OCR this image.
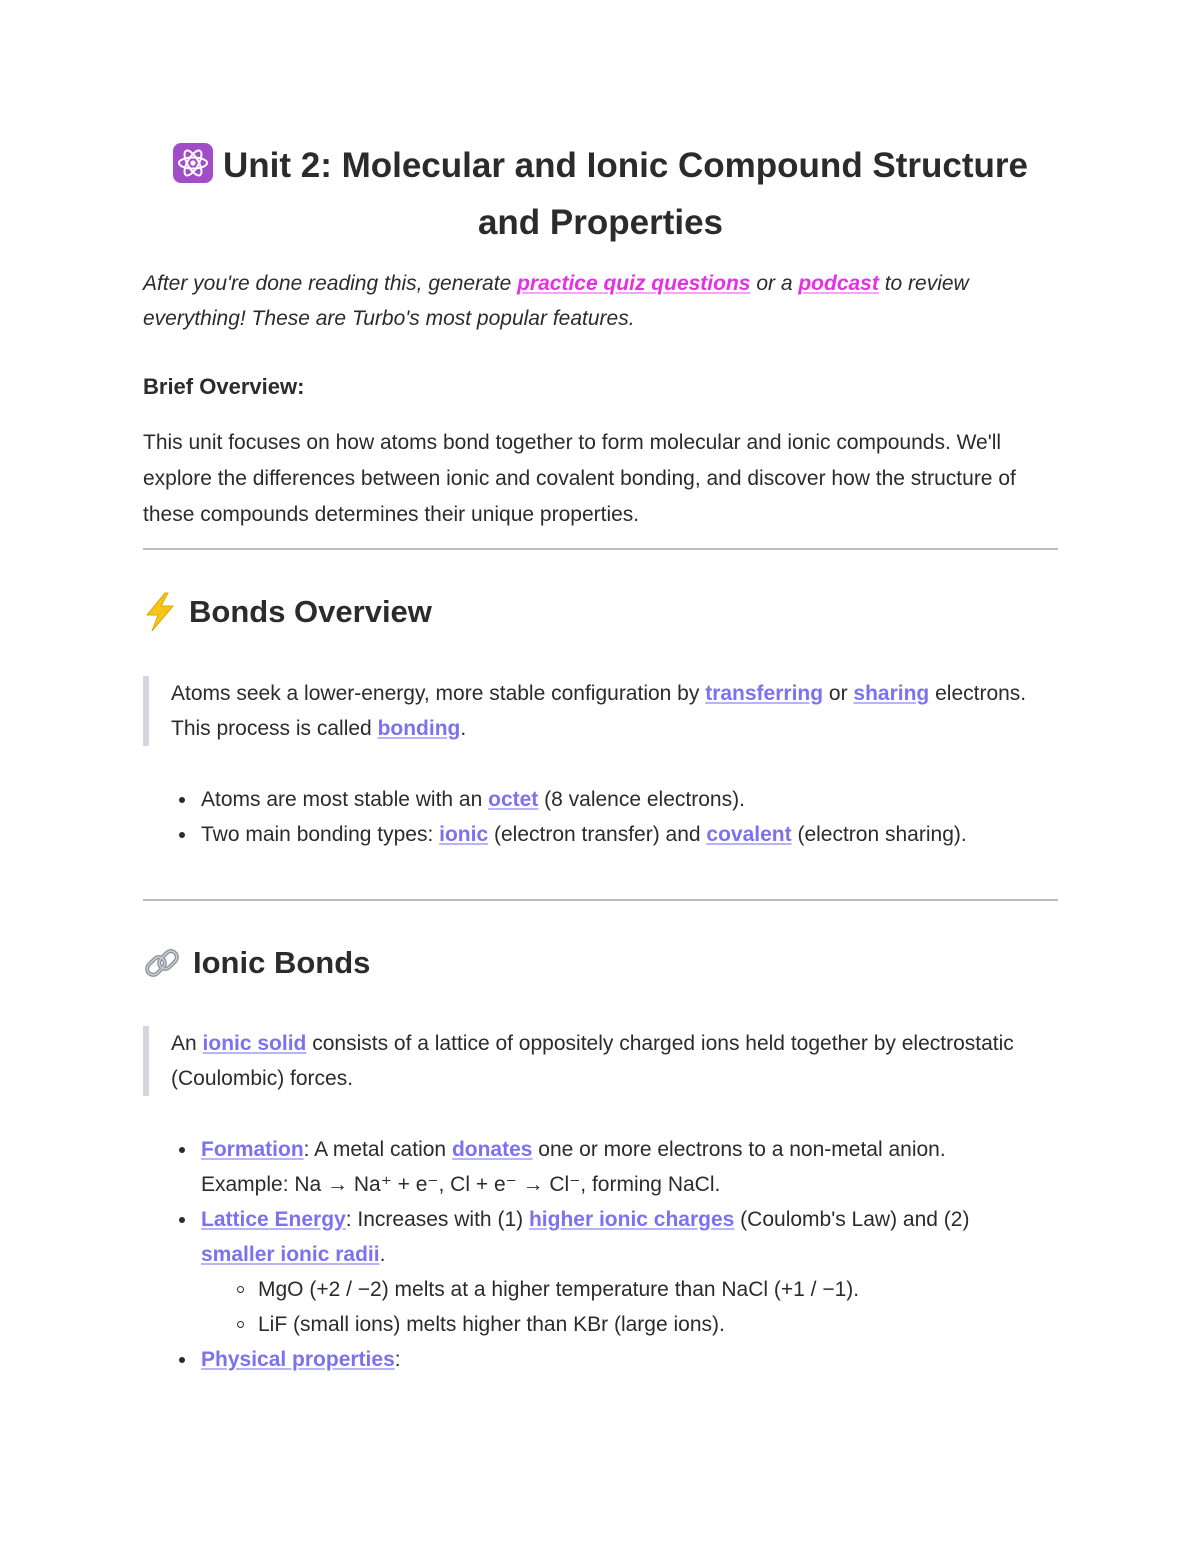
Unit 2: Molecular and Ionic Compound Structure and Properties

After you're done reading this, generate practice quiz questions or a podcast to review everything! These are Turbo's most popular features.

Brief Overview:

This unit focuses on how atoms bond together to form molecular and ionic compounds. We'll explore the differences between ionic and covalent bonding, and discover how the structure of these compounds determines their unique properties.

Bonds Overview
Atoms seek a lower-energy, more stable configuration by transferring or sharing electrons. This process is called bonding.
Atoms are most stable with an octet (8 valence electrons).
Two main bonding types: ionic (electron transfer) and covalent (electron sharing).
Ionic Bonds
An ionic solid consists of a lattice of oppositely charged ions held together by electrostatic (Coulombic) forces.
Formation: A metal cation donates one or more electrons to a non-metal anion. Example: Na → Na⁺ + e⁻, Cl + e⁻ → Cl⁻, forming NaCl.
Lattice Energy: Increases with (1) higher ionic charges (Coulomb's Law) and (2) smaller ionic radii.
MgO (+2 / −2) melts at a higher temperature than NaCl (+1 / −1).
LiF (small ions) melts higher than KBr (large ions).
Physical properties:
